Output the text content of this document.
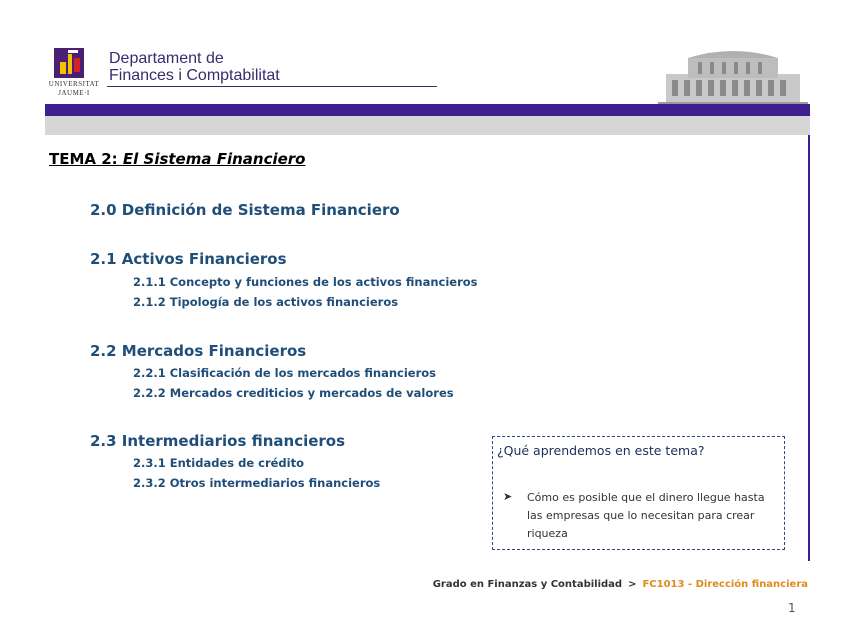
UNIVERSITAT
JAUME·I
Departament de
Finances i Comptabilitat
TEMA 2: El Sistema Financiero
2.0 Definición de Sistema Financiero
2.1 Activos Financieros
2.1.1 Concepto y funciones de los activos financieros
2.1.2 Tipología de los activos financieros
2.2 Mercados Financieros
2.2.1 Clasificación de los mercados financieros
2.2.2 Mercados crediticios y mercados de valores
2.3 Intermediarios financieros
2.3.1 Entidades de crédito
2.3.2 Otros intermediarios financieros
¿Qué aprendemos en este tema?
➤ Cómo es posible que el dinero llegue hasta las empresas que lo necesitan para crear riqueza
Grado en Finanzas y Contabilidad > FC1013 - Dirección financiera
1
